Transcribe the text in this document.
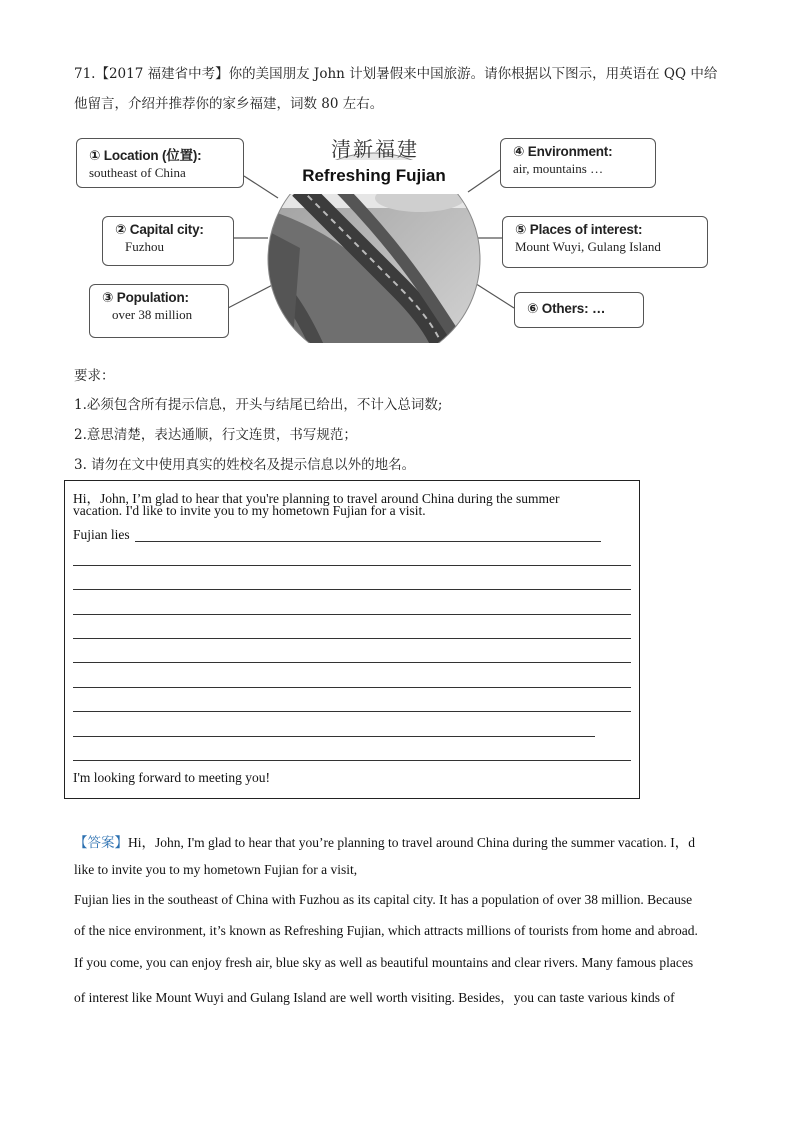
71.【2017 福建省中考】你的美国朋友 John 计划暑假来中国旅游。请你根据以下图示，用英语在 QQ 中给
他留言，介绍并推荐你的家乡福建，词数 80 左右。
清新福建
Refreshing Fujian
① Location (位置):
southeast of China
② Capital city:
Fuzhou
③ Population:
over 38 million
④ Environment:
air, mountains …
⑤ Places of interest:
Mount Wuyi, Gulang Island
⑥ Others: …
要求：
1.必须包含所有提示信息，开头与结尾已给出，不计入总词数;
2.意思清楚，表达通顺，行文连贯，书写规范；
3. 请勿在文中使用真实的姓校名及提示信息以外的地名。
Hi，John, I’m glad to hear that you're planning to travel around China during the summer
vacation. I'd like to invite you to my hometown Fujian for a visit.
Fujian lies
I'm looking forward to meeting you!
【答案】Hi，John, I'm glad to hear that you’re planning to travel around China during the summer vacation. I，d
like to invite you to my hometown Fujian for a visit,
Fujian lies in the southeast of China with Fuzhou as its capital city. It has a population of over 38 million. Because
of the nice environment, it’s known as Refreshing Fujian, which attracts millions of tourists from home and abroad.
If you come, you can enjoy fresh air, blue sky as well as beautiful mountains and clear rivers. Many famous places
of interest like Mount Wuyi and Gulang Island are well worth visiting. Besides，you can taste various kinds of
